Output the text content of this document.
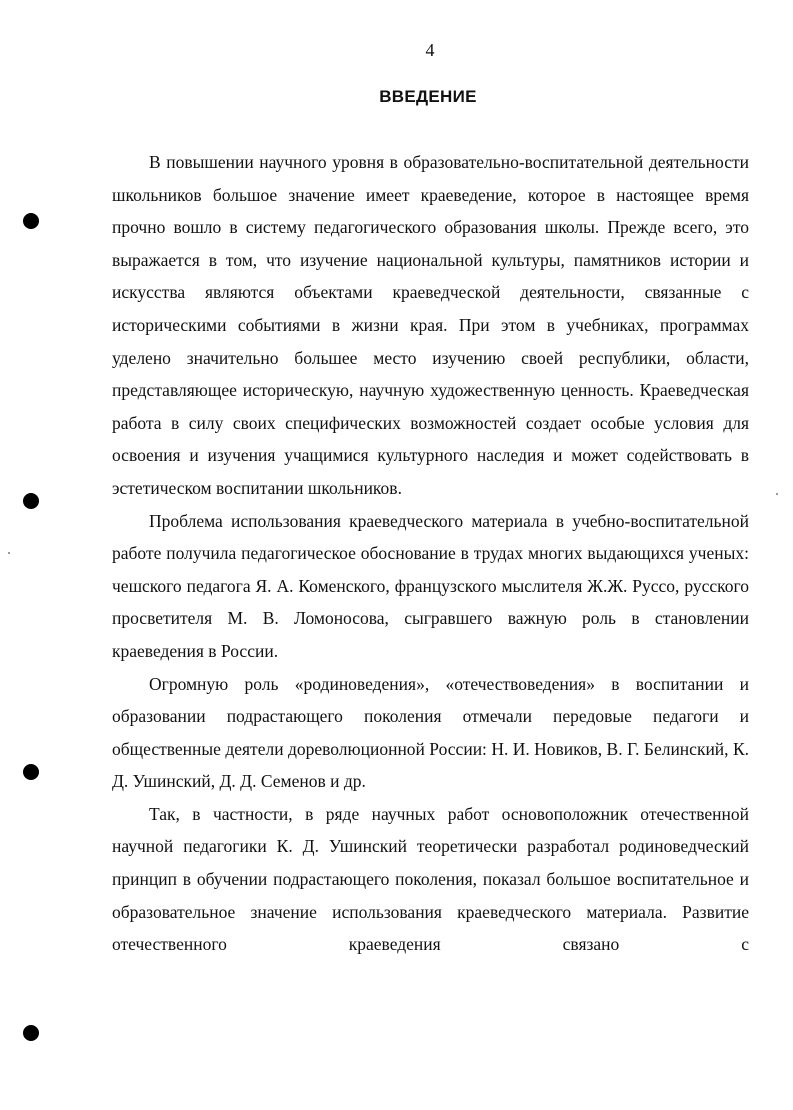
4
ВВЕДЕНИЕ

В повышении научного уровня в образовательно-воспитательной деятельности школьников большое значение имеет краеведение, которое в настоящее время прочно вошло в систему педагогического образования школы. Прежде всего, это выражается в том, что изучение национальной культуры, памятников истории и искусства являются объектами краеведческой деятельности, связанные с историческими событиями в жизни края. При этом в учебниках, программах уделено значительно большее место изучению своей республики, области, представляющее историческую, научную художественную ценность. Краеведческая работа в силу своих специфических возможностей создает особые условия для освоения и изучения учащимися культурного наследия и может содействовать в эстетическом воспитании школьников.

Проблема использования краеведческого материала в учебно-воспитательной работе получила педагогическое обоснование в трудах многих выдающихся ученых: чешского педагога Я. А. Коменского, французского мыслителя Ж.Ж. Руссо, русского просветителя М. В. Ломоносова, сыгравшего важную роль в становлении краеведения в России.

Огромную роль «родиноведения», «отечествоведения» в воспитании и образовании подрастающего поколения отмечали передовые педагоги и общественные деятели дореволюционной России: Н. И. Новиков, В. Г. Белинский, К. Д. Ушинский, Д. Д. Семенов и др.

Так, в частности, в ряде научных работ основоположник отечественной научной педагогики К. Д. Ушинский теоретически разработал родиноведческий принцип в обучении подрастающего поколения, показал большое воспитательное и образовательное значение использования краеведческого материала. Развитие отечественного краеведения связано с
